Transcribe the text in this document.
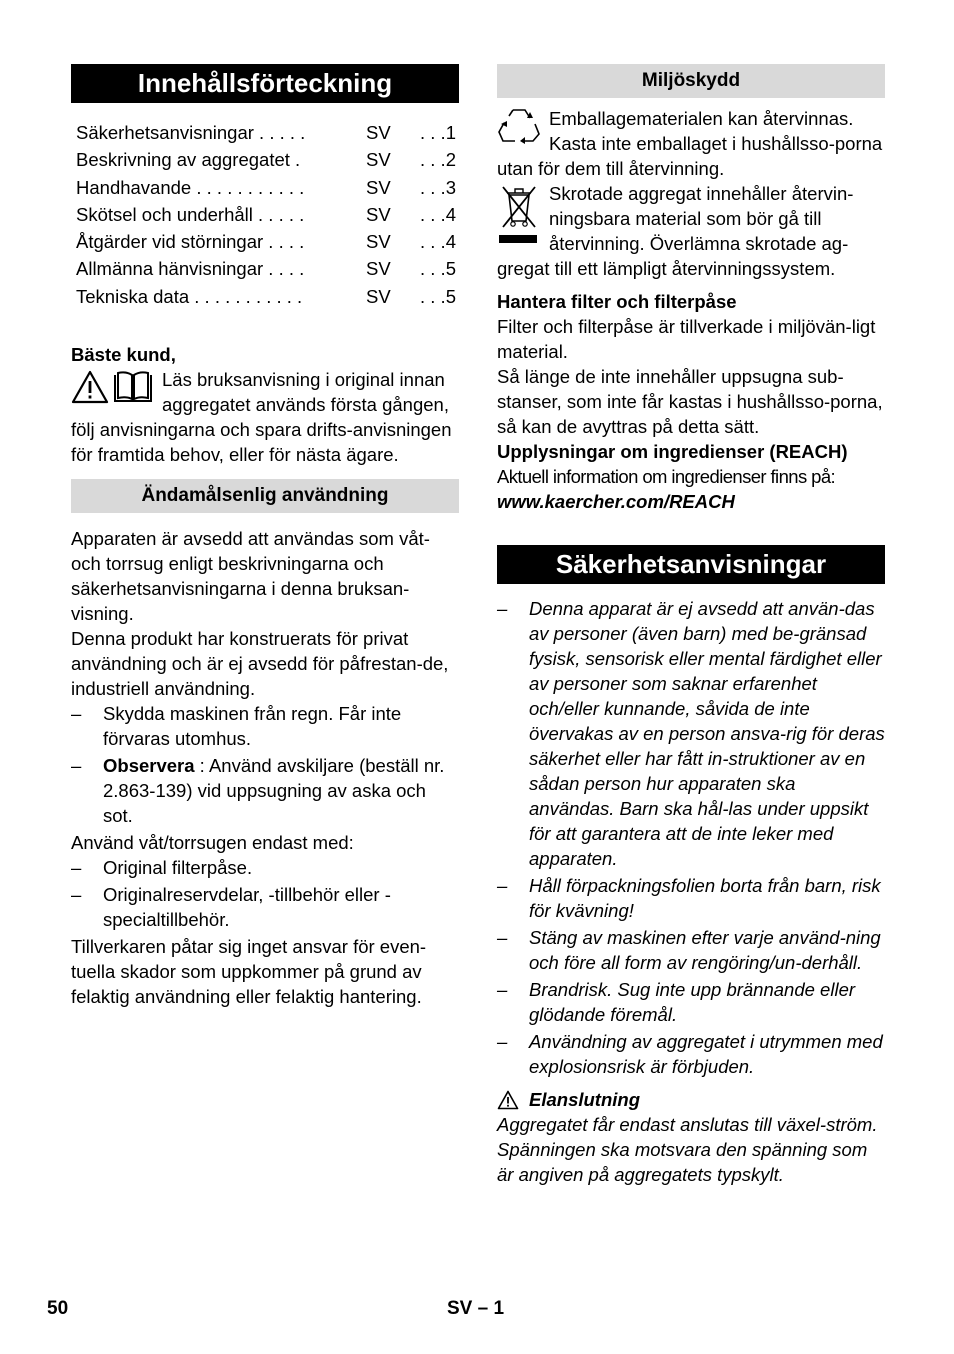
Innehållsförteckning
Säkerhetsanvisningar . . . . .	SV	. . .1
Beskrivning av aggregatet .	SV	. . .2
Handhavande . . . . . . . . . . .	SV	. . .3
Skötsel och underhåll . . . . .	SV	. . .4
Åtgärder vid störningar . . . .	SV	. . .4
Allmänna hänvisningar . . . .	SV	. . .5
Tekniska data . . . . . . . . . . .	SV	. . .5

Bäste kund,

Läs bruksanvisning i original innan aggregatet används första gången, följ anvisningarna och spara drifts-anvisningen för framtida behov, eller för nästa ägare.

Ändamålsenlig användning

Apparaten är avsedd att användas som våt- och torrsug enligt beskrivningarna och säkerhetsanvisningarna i denna bruksan-visning.

Denna produkt har konstruerats för privat användning och är ej avsedd för påfrestan-de, industriell användning.

– Skydda maskinen från regn. Får inte förvaras utomhus.
– Observera : Använd avskiljare (beställ nr. 2.863-139) vid uppsugning av aska och sot.

Använd våt/torrsugen endast med:

– Original filterpåse.
– Originalreservdelar, -tillbehör eller -specialtillbehör.

Tillverkaren påtar sig inget ansvar för even-tuella skador som uppkommer på grund av felaktig användning eller felaktig hantering.

Miljöskydd

Emballagematerialen kan återvinnas. Kasta inte emballaget i hushållsso-porna utan för dem till återvinning.

Skrotade aggregat innehåller återvin-ningsbara material som bör gå till återvinning. Överlämna skrotade ag-gregat till ett lämpligt återvinningssystem.

Hantera filter och filterpåse

Filter och filterpåse är tillverkade i miljövän-ligt material.

Så länge de inte innehåller uppsugna sub-stanser, som inte får kastas i hushållsso-porna, så kan de avyttras på detta sätt.

Upplysningar om ingredienser (REACH)

Aktuell information om ingredienser finns på:

www.kaercher.com/REACH

Säkerhetsanvisningar
– Denna apparat är ej avsedd att använ-das av personer (även barn) med be-gränsad fysisk, sensorisk eller mental färdighet eller av personer som saknar erfarenhet och/eller kunnande, såvida de inte övervakas av en person ansva-rig för deras säkerhet eller har fått in-struktioner av en sådan person hur apparaten ska användas. Barn ska hål-las under uppsikt för att garantera att de inte leker med apparaten.
– Håll förpackningsfolien borta från barn, risk för kvävning!
– Stäng av maskinen efter varje använd-ning och före all form av rengöring/un-derhåll.
– Brandrisk. Sug inte upp brännande eller glödande föremål.
– Användning av aggregatet i utrymmen med explosionsrisk är förbjuden.
Elanslutning

Aggregatet får endast anslutas till växel-ström. Spänningen ska motsvara den spänning som är angiven på aggregatets typskylt.

50	SV – 1
